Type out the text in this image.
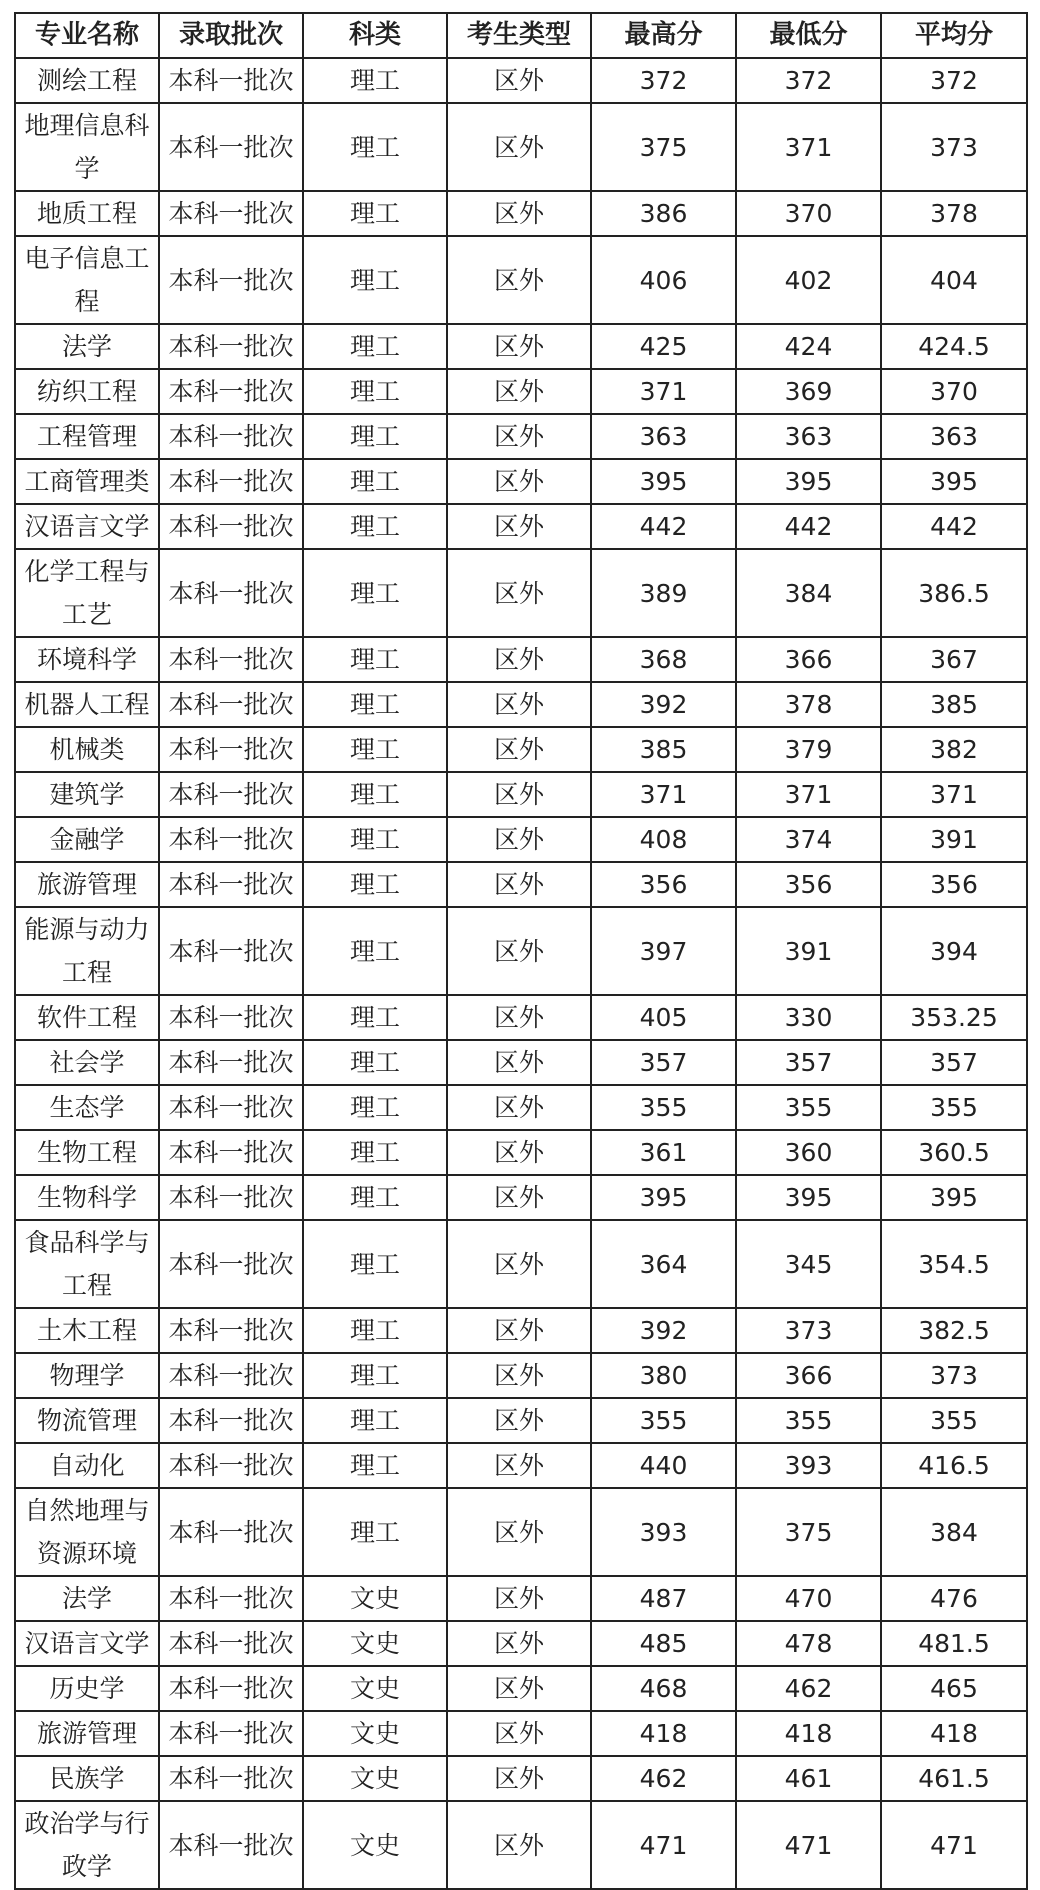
专业名称	录取批次	科类	考生类型	最高分	最低分	平均分
测绘工程	本科一批次	理工	区外	372	372	372
地理信息科学	本科一批次	理工	区外	375	371	373
地质工程	本科一批次	理工	区外	386	370	378
电子信息工程	本科一批次	理工	区外	406	402	404
法学	本科一批次	理工	区外	425	424	424.5
纺织工程	本科一批次	理工	区外	371	369	370
工程管理	本科一批次	理工	区外	363	363	363
工商管理类	本科一批次	理工	区外	395	395	395
汉语言文学	本科一批次	理工	区外	442	442	442
化学工程与工艺	本科一批次	理工	区外	389	384	386.5
环境科学	本科一批次	理工	区外	368	366	367
机器人工程	本科一批次	理工	区外	392	378	385
机械类	本科一批次	理工	区外	385	379	382
建筑学	本科一批次	理工	区外	371	371	371
金融学	本科一批次	理工	区外	408	374	391
旅游管理	本科一批次	理工	区外	356	356	356
能源与动力工程	本科一批次	理工	区外	397	391	394
软件工程	本科一批次	理工	区外	405	330	353.25
社会学	本科一批次	理工	区外	357	357	357
生态学	本科一批次	理工	区外	355	355	355
生物工程	本科一批次	理工	区外	361	360	360.5
生物科学	本科一批次	理工	区外	395	395	395
食品科学与工程	本科一批次	理工	区外	364	345	354.5
土木工程	本科一批次	理工	区外	392	373	382.5
物理学	本科一批次	理工	区外	380	366	373
物流管理	本科一批次	理工	区外	355	355	355
自动化	本科一批次	理工	区外	440	393	416.5
自然地理与资源环境	本科一批次	理工	区外	393	375	384
法学	本科一批次	文史	区外	487	470	476
汉语言文学	本科一批次	文史	区外	485	478	481.5
历史学	本科一批次	文史	区外	468	462	465
旅游管理	本科一批次	文史	区外	418	418	418
民族学	本科一批次	文史	区外	462	461	461.5
政治学与行政学	本科一批次	文史	区外	471	471	471
